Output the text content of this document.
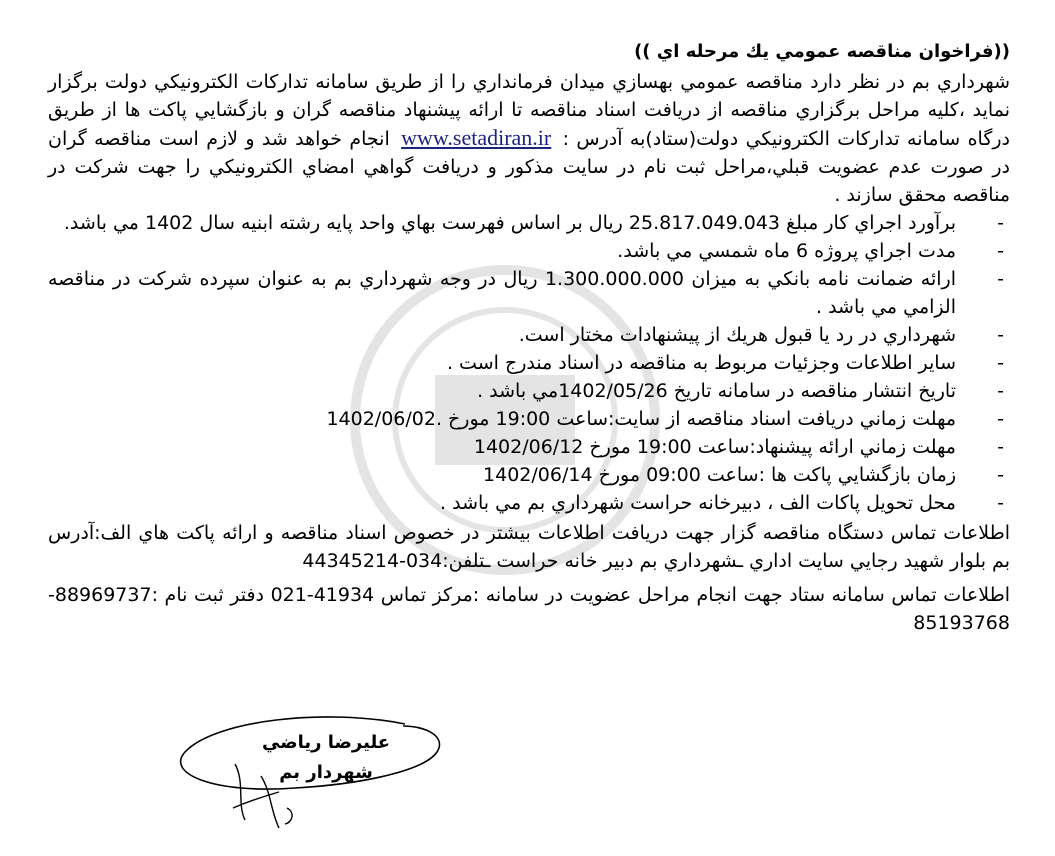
((فراخوان مناقصه عمومي يك مرحله اي ))

شهرداري بم در نظر دارد مناقصه عمومي بهسازي ميدان فرمانداري را از طريق سامانه تداركات الكترونيكي دولت برگزار نمايد ،كليه مراحل برگزاري مناقصه از دريافت اسناد مناقصه تا ارائه پيشنهاد مناقصه گران و بازگشايي پاكت ها از طريق درگاه سامانه تداركات الكترونيكي دولت(ستاد)به آدرس : www.setadiran.ir انجام خواهد شد و لازم است مناقصه گران در صورت عدم عضويت قبلي،مراحل ثبت نام در سايت مذكور و دريافت گواهي امضاي الكترونيكي را جهت شركت در مناقصه محقق سازند .

-
برآورد اجراي كار مبلغ 25.817.049.043 ريال بر اساس فهرست بهاي واحد پايه رشته ابنيه سال 1402 مي باشد.
-
مدت اجراي پروژه 6 ماه شمسي مي باشد.
-
ارائه ضمانت نامه بانكي به ميزان 1.300.000.000 ريال در وجه شهرداري بم به عنوان سپرده شركت در مناقصه الزامي مي باشد .
-
شهرداري در رد يا قبول هريك از پيشنهادات مختار است.
-
ساير اطلاعات وجزئيات مربوط به مناقصه در اسناد مندرج است .
-
تاريخ انتشار مناقصه در سامانه تاريخ 1402/05/26مي باشد .
-
مهلت زماني دريافت اسناد مناقصه از سايت:ساعت 19:00 مورخ .1402/06/02
-
مهلت زماني ارائه پيشنهاد:ساعت 19:00 مورخ 1402/06/12
-
زمان بازگشايي پاكت ها :ساعت 09:00 مورخ 1402/06/14
-
محل تحويل پاكات الف ، دبيرخانه حراست شهرداري بم مي باشد .

اطلاعات تماس دستگاه مناقصه گزار جهت دريافت اطلاعات بيشتر در خصوص اسناد مناقصه و ارائه پاكت هاي الف:آدرس بم بلوار شهيد رجايي سايت اداري ـشهرداري بم دبير خانه حراست ـتلفن:034-44345214

اطلاعات تماس سامانه ستاد جهت انجام مراحل عضويت در سامانه :مركز تماس 41934-021 دفتر ثبت نام :88969737-85193768

عليرضا رياضي
شهردار بم
